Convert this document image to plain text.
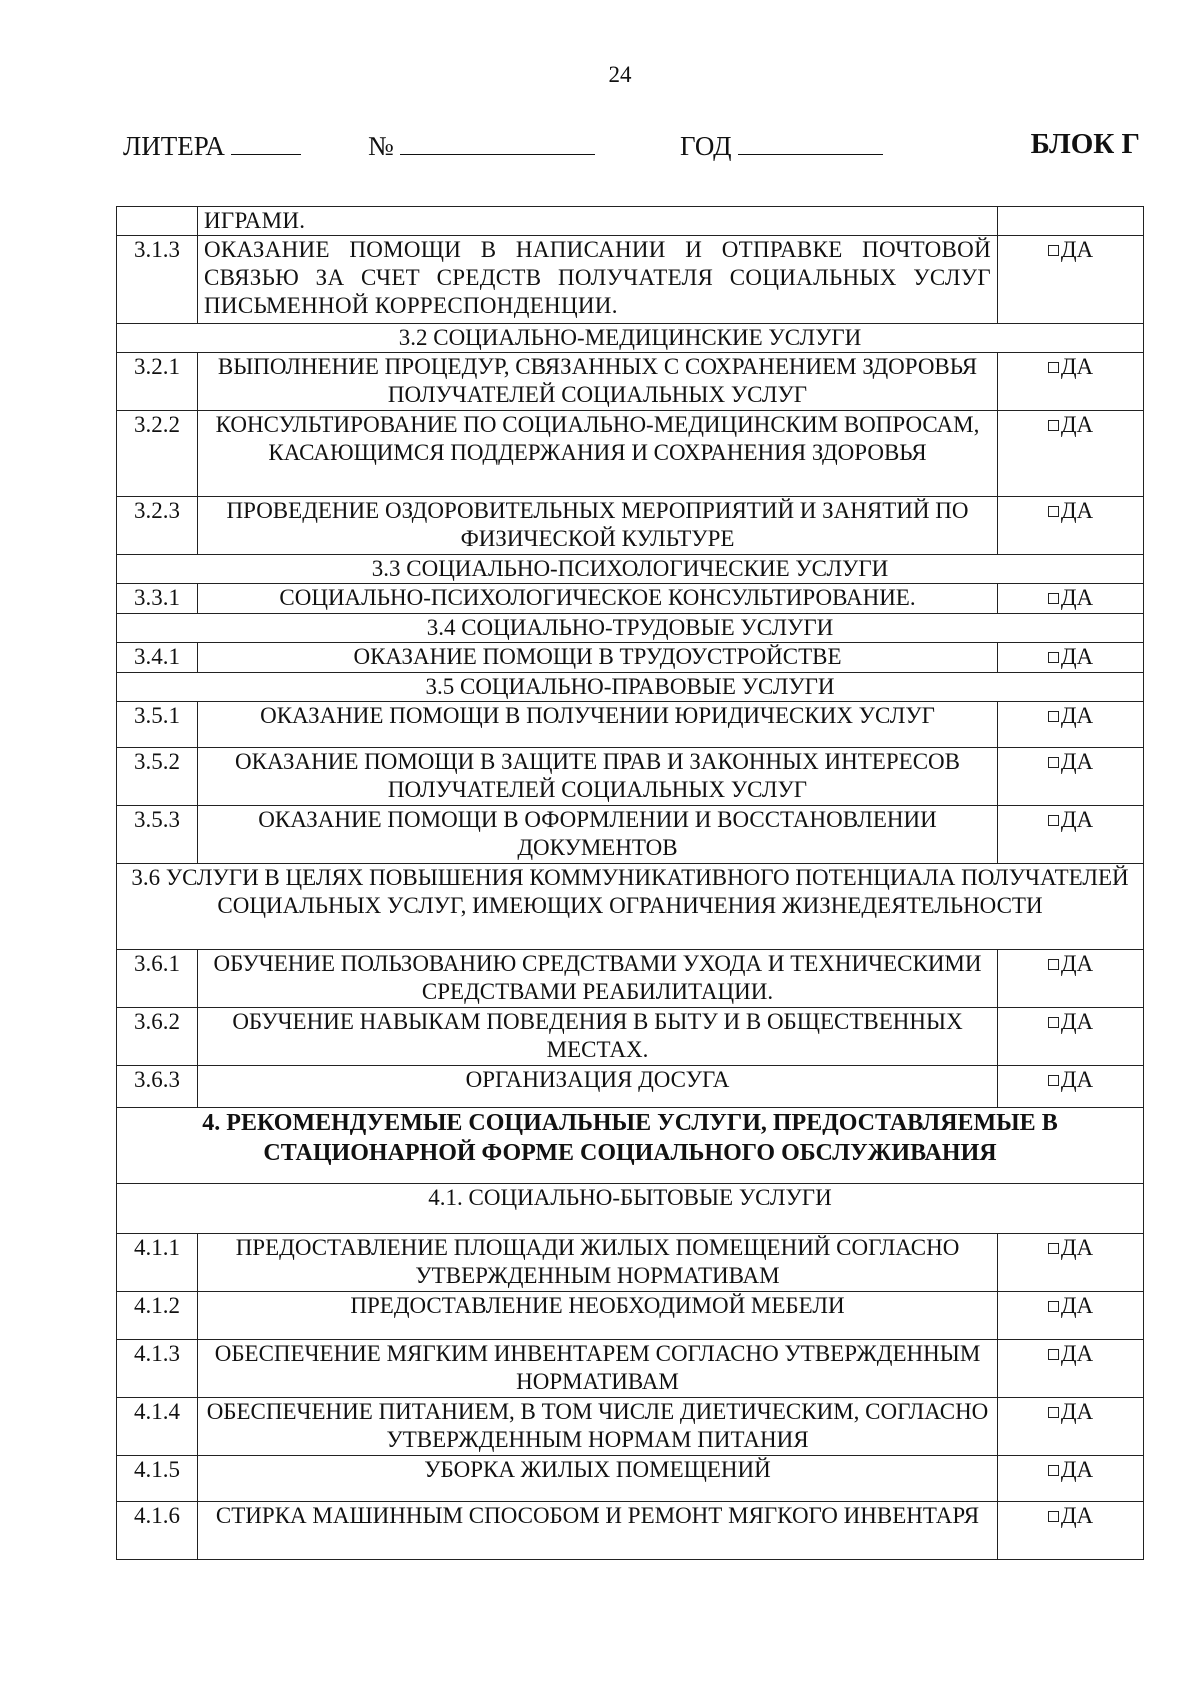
24
ЛИТЕРА	№	ГОД	БЛОК Г
	ИГРАМИ.	
3.1.3	ОКАЗАНИЕ ПОМОЩИ В НАПИСАНИИ И ОТПРАВКЕ ПОЧТОВОЙ СВЯЗЬЮ ЗА СЧЕТ СРЕДСТВ ПОЛУЧАТЕЛЯ СОЦИАЛЬНЫХ УСЛУГ ПИСЬМЕННОЙ КОРРЕСПОНДЕНЦИИ.	ДА
3.2 СОЦИАЛЬНО-МЕДИЦИНСКИЕ УСЛУГИ		
3.2.1	ВЫПОЛНЕНИЕ ПРОЦЕДУР, СВЯЗАННЫХ С СОХРАНЕНИЕМ ЗДОРОВЬЯ ПОЛУЧАТЕЛЕЙ СОЦИАЛЬНЫХ УСЛУГ	ДА
3.2.2	КОНСУЛЬТИРОВАНИЕ ПО СОЦИАЛЬНО-МЕДИЦИНСКИМ ВОПРОСАМ, КАСАЮЩИМСЯ ПОДДЕРЖАНИЯ И СОХРАНЕНИЯ ЗДОРОВЬЯ	ДА
3.2.3	ПРОВЕДЕНИЕ ОЗДОРОВИТЕЛЬНЫХ МЕРОПРИЯТИЙ И ЗАНЯТИЙ ПО ФИЗИЧЕСКОЙ КУЛЬТУРЕ	ДА
3.3 СОЦИАЛЬНО-ПСИХОЛОГИЧЕСКИЕ УСЛУГИ		
3.3.1	СОЦИАЛЬНО-ПСИХОЛОГИЧЕСКОЕ КОНСУЛЬТИРОВАНИЕ.	ДА
3.4 СОЦИАЛЬНО-ТРУДОВЫЕ УСЛУГИ		
3.4.1	ОКАЗАНИЕ ПОМОЩИ В ТРУДОУСТРОЙСТВЕ	ДА
3.5 СОЦИАЛЬНО-ПРАВОВЫЕ УСЛУГИ		
3.5.1	ОКАЗАНИЕ ПОМОЩИ В ПОЛУЧЕНИИ ЮРИДИЧЕСКИХ УСЛУГ	ДА
3.5.2	ОКАЗАНИЕ ПОМОЩИ В ЗАЩИТЕ ПРАВ И ЗАКОННЫХ ИНТЕРЕСОВ ПОЛУЧАТЕЛЕЙ СОЦИАЛЬНЫХ УСЛУГ	ДА
3.5.3	ОКАЗАНИЕ ПОМОЩИ В ОФОРМЛЕНИИ И ВОССТАНОВЛЕНИИ ДОКУМЕНТОВ	ДА
3.6 УСЛУГИ В ЦЕЛЯХ ПОВЫШЕНИЯ КОММУНИКАТИВНОГО ПОТЕНЦИАЛА ПОЛУЧАТЕЛЕЙ СОЦИАЛЬНЫХ УСЛУГ, ИМЕЮЩИХ ОГРАНИЧЕНИЯ ЖИЗНЕДЕЯТЕЛЬНОСТИ		
3.6.1	ОБУЧЕНИЕ ПОЛЬЗОВАНИЮ СРЕДСТВАМИ УХОДА И ТЕХНИЧЕСКИМИ СРЕДСТВАМИ РЕАБИЛИТАЦИИ.	ДА
3.6.2	ОБУЧЕНИЕ НАВЫКАМ ПОВЕДЕНИЯ В БЫТУ И В ОБЩЕСТВЕННЫХ МЕСТАХ.	ДА
3.6.3	ОРГАНИЗАЦИЯ ДОСУГА	ДА
4. РЕКОМЕНДУЕМЫЕ СОЦИАЛЬНЫЕ УСЛУГИ, ПРЕДОСТАВЛЯЕМЫЕ В СТАЦИОНАРНОЙ ФОРМЕ СОЦИАЛЬНОГО ОБСЛУЖИВАНИЯ		
4.1. СОЦИАЛЬНО-БЫТОВЫЕ УСЛУГИ		
4.1.1	ПРЕДОСТАВЛЕНИЕ ПЛОЩАДИ ЖИЛЫХ ПОМЕЩЕНИЙ СОГЛАСНО УТВЕРЖДЕННЫМ НОРМАТИВАМ	ДА
4.1.2	ПРЕДОСТАВЛЕНИЕ НЕОБХОДИМОЙ МЕБЕЛИ	ДА
4.1.3	ОБЕСПЕЧЕНИЕ МЯГКИМ ИНВЕНТАРЕМ СОГЛАСНО УТВЕРЖДЕННЫМ НОРМАТИВАМ	ДА
4.1.4	ОБЕСПЕЧЕНИЕ ПИТАНИЕМ, В ТОМ ЧИСЛЕ ДИЕТИЧЕСКИМ, СОГЛАСНО УТВЕРЖДЕННЫМ НОРМАМ ПИТАНИЯ	ДА
4.1.5	УБОРКА ЖИЛЫХ ПОМЕЩЕНИЙ	ДА
4.1.6	СТИРКА МАШИННЫМ СПОСОБОМ И РЕМОНТ МЯГКОГО ИНВЕНТАРЯ	ДА
